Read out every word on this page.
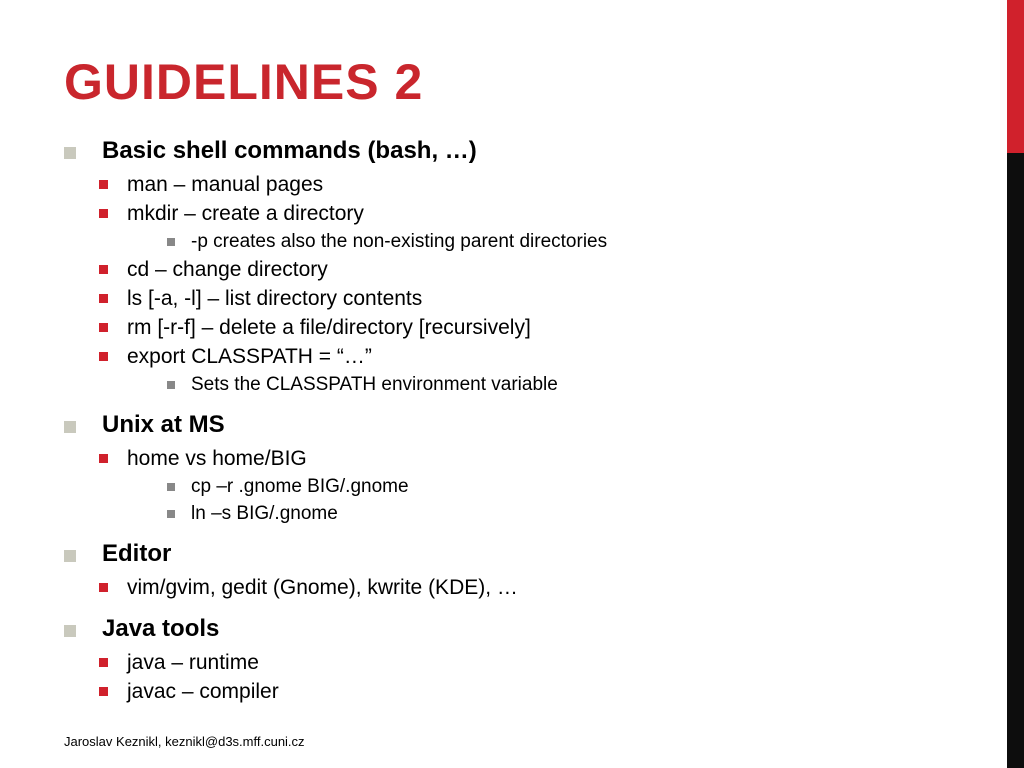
GUIDELINES 2
Basic shell commands (bash, …)
man – manual pages
mkdir – create a directory
-p creates also the non-existing parent directories
cd – change directory
ls [-a, -l] – list directory contents
rm [-r-f] – delete a file/directory [recursively]
export CLASSPATH = “…”
Sets the CLASSPATH environment variable
Unix at MS
home vs home/BIG
cp –r .gnome BIG/.gnome
ln –s BIG/.gnome
Editor
vim/gvim, gedit (Gnome), kwrite (KDE), …
Java tools
java – runtime
javac – compiler
Jaroslav Keznikl, keznikl@d3s.mff.cuni.cz
